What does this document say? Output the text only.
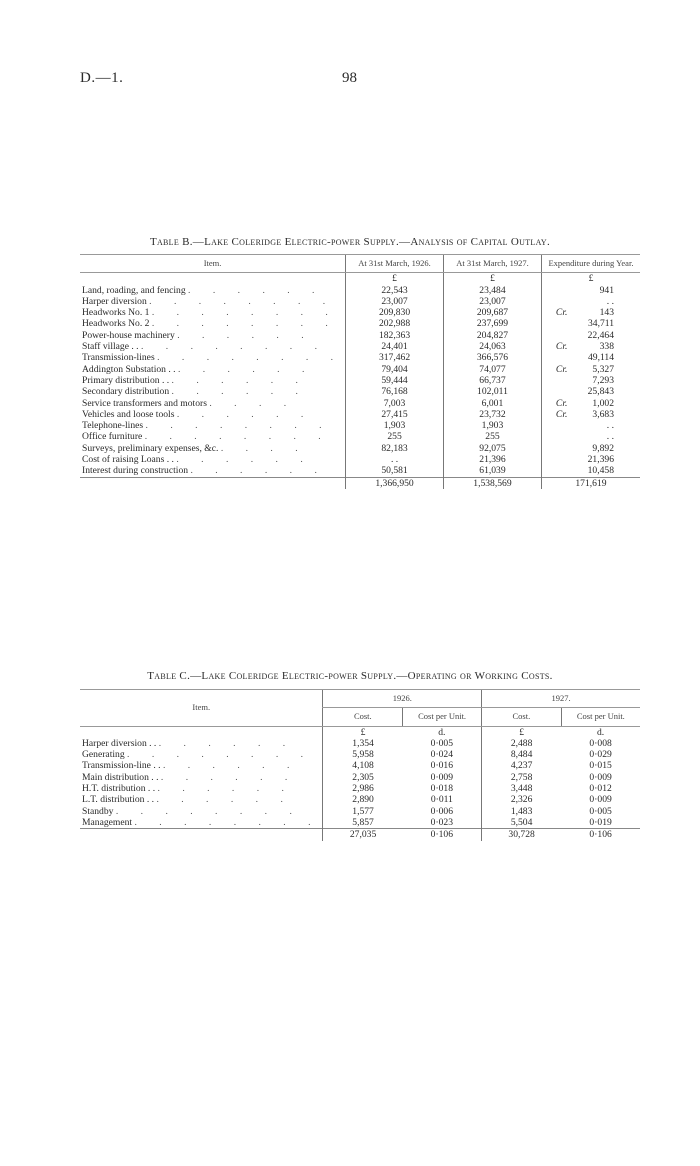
D.—1.	98
Table B.—Lake Coleridge Electric-power Supply.—Analysis of Capital Outlay.
Item.	At 31st March, 1926.	At 31st March, 1927.	Expenditure during Year.
	£	£	£
Land, roading, and fencing . . . . . .	22,543	23,484	941

Harper diversion . . . . . . . .	23,007	23,007	. .

Headworks No. 1 . . . . . . . .	209,830	209,687	Cr. 143

Headworks No. 2 . . . . . . . .	202,988	237,699	34,711

Power-house machinery . . . . . .	182,363	204,827	22,464

Staff village . . . . . . . . . .	24,401	24,063	Cr. 338

Transmission-lines . . . . . . . .	317,462	366,576	49,114

Addington Substation . . . . . . . .	79,404	74,077	Cr. 5,327

Primary distribution . . . . . . . .	59,444	66,737	7,293

Secondary distribution . . . . . .	76,168	102,011	25,843

Service transformers and motors . . . .	7,003	6,001	Cr. 1,002

Vehicles and loose tools . . . . . .	27,415	23,732	Cr. 3,683

Telephone-lines . . . . . . . .	1,903	1,903	. .

Office furniture . . . . . . . .	255	255	. .

Surveys, preliminary expenses, &c. . . . .	82,183	92,075	9,892

Cost of raising Loans . . . . . . . .	. .	21,396	21,396

Interest during construction . . . . . .	50,581	61,039	10,458

	1,366,950	1,538,569	171,619
Table C.—Lake Coleridge Electric-power Supply.—Operating or Working Costs.
Item.	1926.		1927.	
	Cost.	Cost per Unit.	Cost.	Cost per Unit.
	£	d.	£	d.
Harper diversion . . . . . . . .	1,354	0·005	2,488	0·008
Generating . . . . . . . .	5,958	0·024	8,484	0·029
Transmission-line . . . . . . . .	4,108	0·016	4,237	0·015
Main distribution . . . . . . . .	2,305	0·009	2,758	0·009
H.T. distribution . . . . . . . .	2,986	0·018	3,448	0·012
L.T. distribution . . . . . . . .	2,890	0·011	2,326	0·009
Standby . . . . . . . .	1,577	0·006	1,483	0·005
Management . . . . . . . .	5,857	0·023	5,504	0·019
	27,035	0·106	30,728	0·106
